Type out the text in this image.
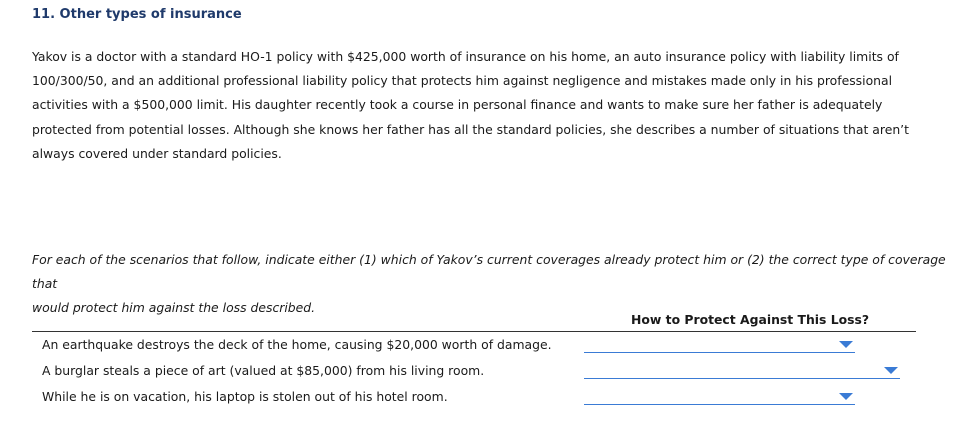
11. Other types of insurance
Yakov is a doctor with a standard HO-1 policy with $425,000 worth of insurance on his home, an auto insurance policy with liability limits of
100/300/50, and an additional professional liability policy that protects him against negligence and mistakes made only in his professional
activities with a $500,000 limit. His daughter recently took a course in personal finance and wants to make sure her father is adequately
protected from potential losses. Although she knows her father has all the standard policies, she describes a number of situations that aren’t
always covered under standard policies.
For each of the scenarios that follow, indicate either (1) which of Yakov’s current coverages already protect him or (2) the correct type of coverage that
would protect him against the loss described.
How to Protect Against This Loss?
An earthquake destroys the deck of the home, causing $20,000 worth of damage.
A burglar steals a piece of art (valued at $85,000) from his living room.
While he is on vacation, his laptop is stolen out of his hotel room.
